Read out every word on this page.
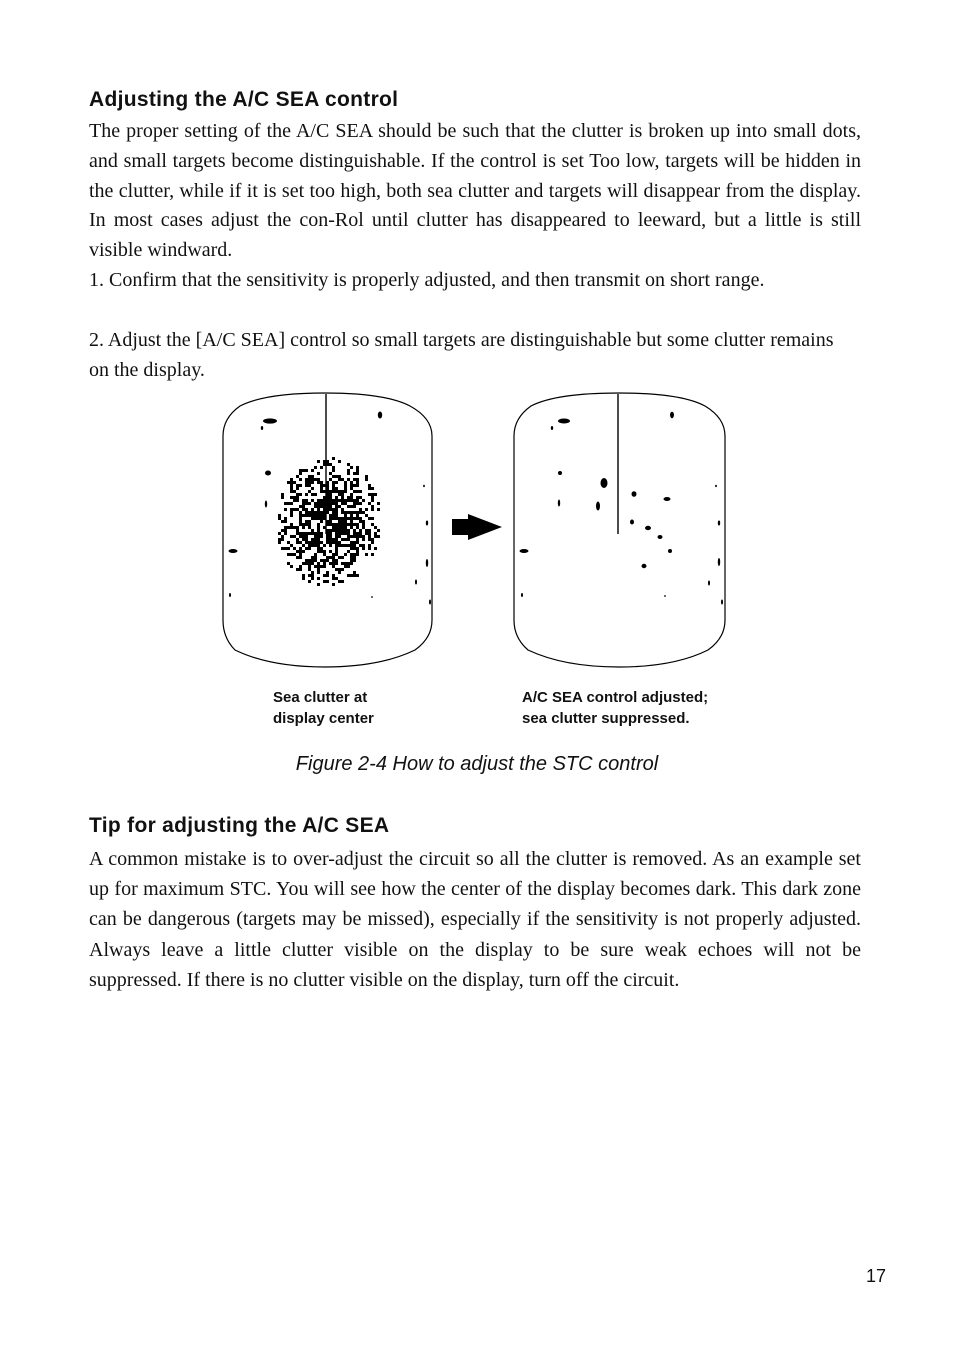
Adjusting the A/C SEA control

The proper setting of the A/C SEA should be such that the clutter is broken up into small dots, and small targets become distinguishable. If the control is set Too low, targets will be hidden in the clutter, while if it is set too high, both sea clutter and targets will disappear from the display. In most cases adjust the con-Rol until clutter has disappeared to leeward, but a little is still visible windward.

1. Confirm that the sensitivity is properly adjusted, and then transmit on short range.

2. Adjust the [A/C SEA] control so small targets are distinguishable but some clutter remains on the display.

Sea clutter at
display center

A/C SEA control adjusted;
sea clutter suppressed.

Figure 2-4 How to adjust the STC control

Tip for adjusting the A/C SEA

A common mistake is to over-adjust the circuit so all the clutter is removed. As an example set up for maximum STC. You will see how the center of the display becomes dark. This dark zone can be dangerous (targets may be missed), especially if the sensitivity is not properly adjusted. Always leave a little clutter visible on the display to be sure weak echoes will not be suppressed. If there is no clutter visible on the display, turn off the circuit.

17
